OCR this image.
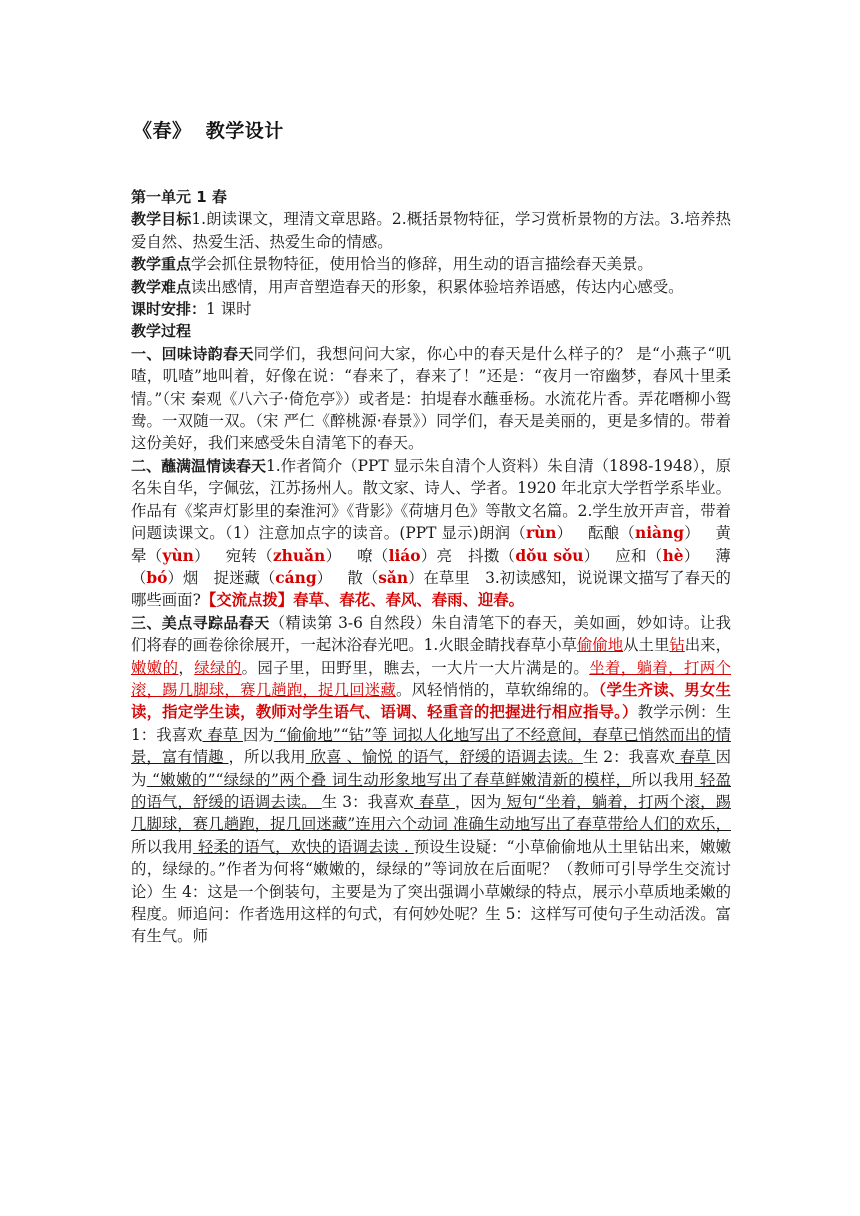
《春》  教学设计

第一单元 1 春

教学目标1.朗读课文，理清文章思路。2.概括景物特征，学习赏析景物的方法。3.培养热爱自然、热爱生活、热爱生命的情感。

教学重点学会抓住景物特征，使用恰当的修辞，用生动的语言描绘春天美景。

教学难点读出感情，用声音塑造春天的形象，积累体验培养语感，传达内心感受。

课时安排：1 课时

教学过程

一、回味诗韵春天同学们，我想问问大家，你心中的春天是什么样子的？ 是“小燕子“叽喳，叽喳”地叫着，好像在说：“春来了，春来了！”还是：“夜月一帘幽梦，春风十里柔情。”（宋 秦观《八六子·倚危亭》）或者是：拍堤春水蘸垂杨。水流花片香。弄花噆柳小鸳鸯。一双随一双。（宋 严仁《醉桃源·春景》）同学们，春天是美丽的，更是多情的。带着这份美好，我们来感受朱自清笔下的春天。

二、蘸满温情读春天1.作者简介（PPT 显示朱自清个人资料）朱自清（1898-1948），原名朱自华，字佩弦，江苏扬州人。散文家、诗人、学者。1920 年北京大学哲学系毕业。作品有《桨声灯影里的秦淮河》《背影》《荷塘月色》等散文名篇。2.学生放开声音，带着问题读课文。（1）注意加点字的读音。(PPT 显示)朗润（rùn）  酝酿（niàng）  黄晕（yùn）  宛转（zhuǎn）  嘹（liáo）亮  抖擞（dǒu sǒu）  应和（hè）  薄（bó）烟  捉迷藏（cáng）  散（sǎn）在草里  3.初读感知，说说课文描写了春天的哪些画面?【交流点拨】春草、春花、春风、春雨、迎春。

三、美点寻踪品春天（精读第 3-6 自然段）朱自清笔下的春天，美如画，妙如诗。让我们将春的画卷徐徐展开，一起沐浴春光吧。1.火眼金睛找春草小草偷偷地从土里钻出来，嫩嫩的，绿绿的。园子里，田野里，瞧去，一大片一大片满是的。坐着，躺着，打两个滚，踢几脚球，赛几趟跑，捉几回迷藏。风轻悄悄的，草软绵绵的。（学生齐读、男女生读，指定学生读，教师对学生语气、语调、轻重音的把握进行相应指导。）教学示例：生 1：我喜欢 春草 因为 “偷偷地”“钻”等 词拟人化地写出了不经意间，春草已悄然而出的情景，富有情趣 ，所以我用 欣喜 、愉悦 的语气，舒缓的语调去读。生 2：我喜欢 春草 因为 “嫩嫩的”“绿绿的”两个叠 词生动形象地写出了春草鲜嫩清新的模样，所以我用 轻盈的语气，舒缓的语调去读。 生 3：我喜欢 春草 ，因为 短句“坐着，躺着，打两个滚，踢几脚球，赛几趟跑，捉几回迷藏”连用六个动词 准确生动地写出了春草带给人们的欢乐，所以我用 轻柔的语气，欢快的语调去读 . 预设生设疑：“小草偷偷地从土里钻出来，嫩嫩的，绿绿的。”作者为何将“嫩嫩的，绿绿的”等词放在后面呢？（教师可引导学生交流讨论）生 4：这是一个倒装句，主要是为了突出强调小草嫩绿的特点，展示小草质地柔嫩的程度。师追问：作者选用这样的句式，有何妙处呢？生 5：这样写可使句子生动活泼。富有生气。师
